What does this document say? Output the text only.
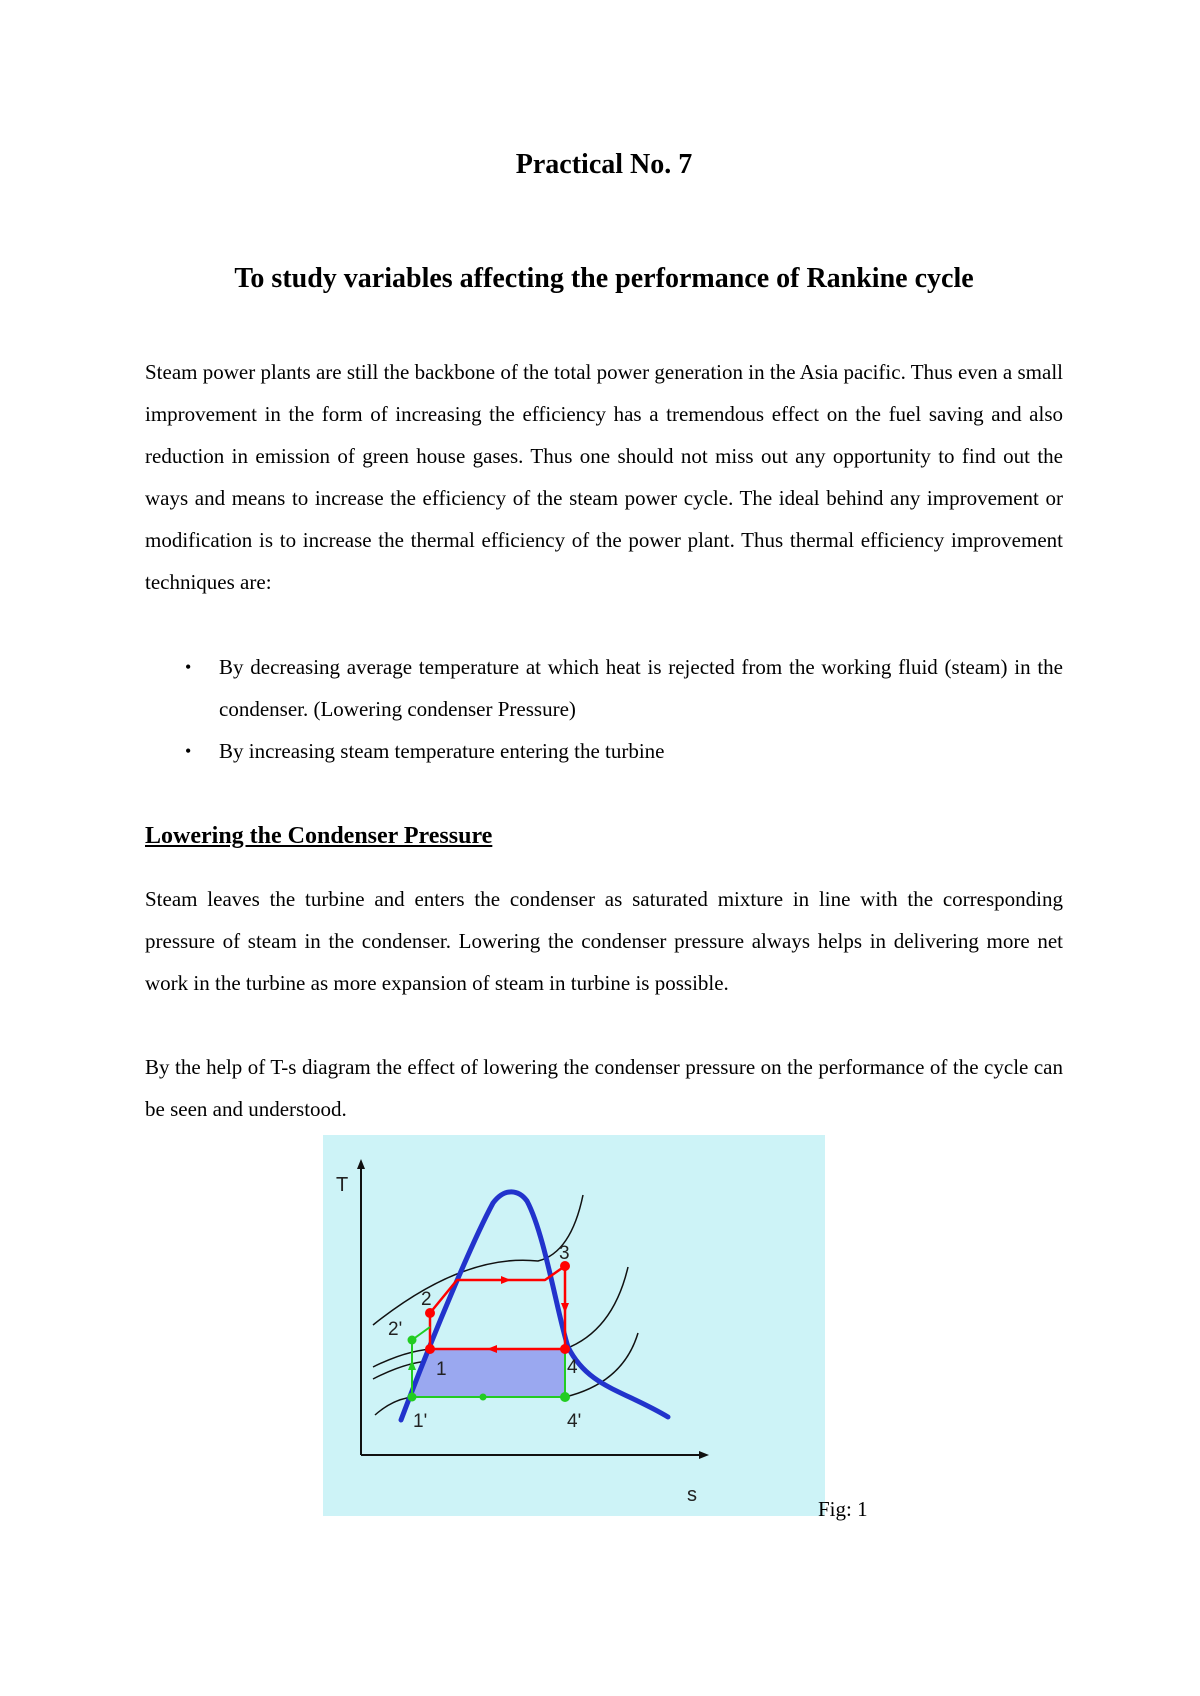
Practical No. 7
To study variables affecting the performance of Rankine cycle

Steam power plants are still the backbone of the total power generation in the Asia pacific. Thus even a small improvement in the form of increasing the efficiency has a tremendous effect on the fuel saving and also reduction in emission of green house gases. Thus one should not miss out any opportunity to find out the ways and means to increase the efficiency of the steam power cycle. The ideal behind any improvement or modification is to increase the thermal efficiency of the power plant. Thus thermal efficiency improvement techniques are:

• By decreasing average temperature at which heat is rejected from the working fluid (steam) in the condenser. (Lowering condenser Pressure)
• By increasing steam temperature entering the turbine
Lowering the Condenser Pressure

Steam leaves the turbine and enters the condenser as saturated mixture in line with the corresponding pressure of steam in the condenser. Lowering the condenser pressure always helps in delivering more net work in the turbine as more expansion of steam in turbine is possible.

By the help of T-s diagram the effect of lowering the condenser pressure on the performance of the cycle can be seen and understood.

T
s
1
1'
2
2'
3
4
4'
Fig: 1
